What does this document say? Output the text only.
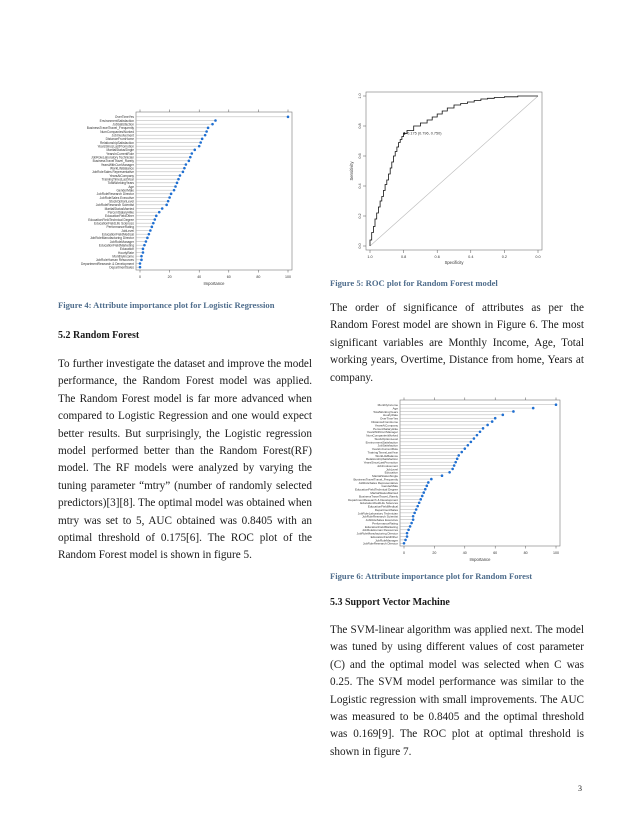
OverTimeYes
EnvironmentSatisfaction
JobSatisfaction
BusinessTravelTravel_Frequently
NumCompaniesWorked
JobInvolvement
DistanceFromHome
RelationshipSatisfaction
YearsSinceLastPromotion
MaritalStatusSingle
YearsInCurrentRole
JobRoleLaboratory Technician
BusinessTravelTravel_Rarely
YearsWithCurrManager
WorkLifeBalance
JobRoleSales Representative
YearsAtCompany
TrainingTimesLastYear
TotalWorkingYears
Age
GenderMale
JobRoleResearch Director
JobRoleSales Executive
StockOptionLevel
JobRoleResearch Scientist
MaritalStatusMarried
PercentSalaryHike
EducationFieldOther
EducationFieldTechnical Degree
EducationFieldLife Sciences
PerformanceRating
JobLevel
EducationFieldMedical
JobRoleManufacturing Director
JobRoleManager
EducationFieldMarketing
Education
HourlyRate
MonthlyIncome
JobRoleHuman Resources
DepartmentResearch & Development
DepartmentSales
0	20	40	60	80	100
Importance
Figure 4: Attribute importance plot for Logistic Regression
5.2 Random Forest

To further investigate the dataset and improve the model performance, the Random Forest model was applied. The Random Forest model is far more advanced when compared to Logistic Regression and one would expect better results. But surprisingly, the Logistic regression model performed better than the Random Forest(RF) model. The RF models were analyzed by varying the tuning parameter “mtry” (number of randomly selected predictors)[3][8]. The optimal model was obtained when mtry was set to 5, AUC obtained was 0.8405 with an optimal threshold of 0.175[6]. The ROC plot of the Random Forest model is shown in figure 5.

1.0	0.8	0.6	0.4	0.2	0.0
0.0
0.2
0.4
0.6
0.8
1.0
Specificity
Sensitivity
0.175 (0.796, 0.750)
Figure 5: ROC plot for Random Forest model

The order of significance of attributes as per the Random Forest model are shown in Figure 6. The most significant variables are Monthly Income, Age, Total working years, Overtime, Distance from home, Years at company.

MonthlyIncome
Age
TotalWorkingYears
HourlyRate
OverTimeYes
DistanceFromHome
YearsAtCompany
PercentSalaryHike
YearsWithCurrManager
NumCompaniesWorked
StockOptionLevel
EnvironmentSatisfaction
JobSatisfaction
YearsInCurrentRole
TrainingTimesLastYear
WorkLifeBalance
RelationshipSatisfaction
YearsSinceLastPromotion
JobInvolvement
JobLevel
Education
MaritalStatusSingle
BusinessTravelTravel_Frequently
JobRoleSales Representative
GenderMale
EducationFieldTechnical Degree
MaritalStatusMarried
BusinessTravelTravel_Rarely
DepartmentResearch & Development
EducationFieldLife Sciences
EducationFieldMedical
DepartmentSales
JobRoleLaboratory Technician
JobRoleResearch Scientist
JobRoleSales Executive
PerformanceRating
EducationFieldMarketing
JobRoleHuman Resources
JobRoleManufacturing Director
EducationFieldOther
JobRoleManager
JobRoleResearch Director
0	20	40	60	80	100
Importance
Figure 6: Attribute importance plot for Random Forest
5.3 Support Vector Machine

The SVM-linear algorithm was applied next. The model was tuned by using different values of cost parameter (C) and the optimal model was selected when C was 0.25. The SVM model performance was similar to the Logistic regression with small improvements. The AUC was measured to be 0.8405 and the optimal threshold was 0.169[9]. The ROC plot at optimal threshold is shown in figure 7.

3
